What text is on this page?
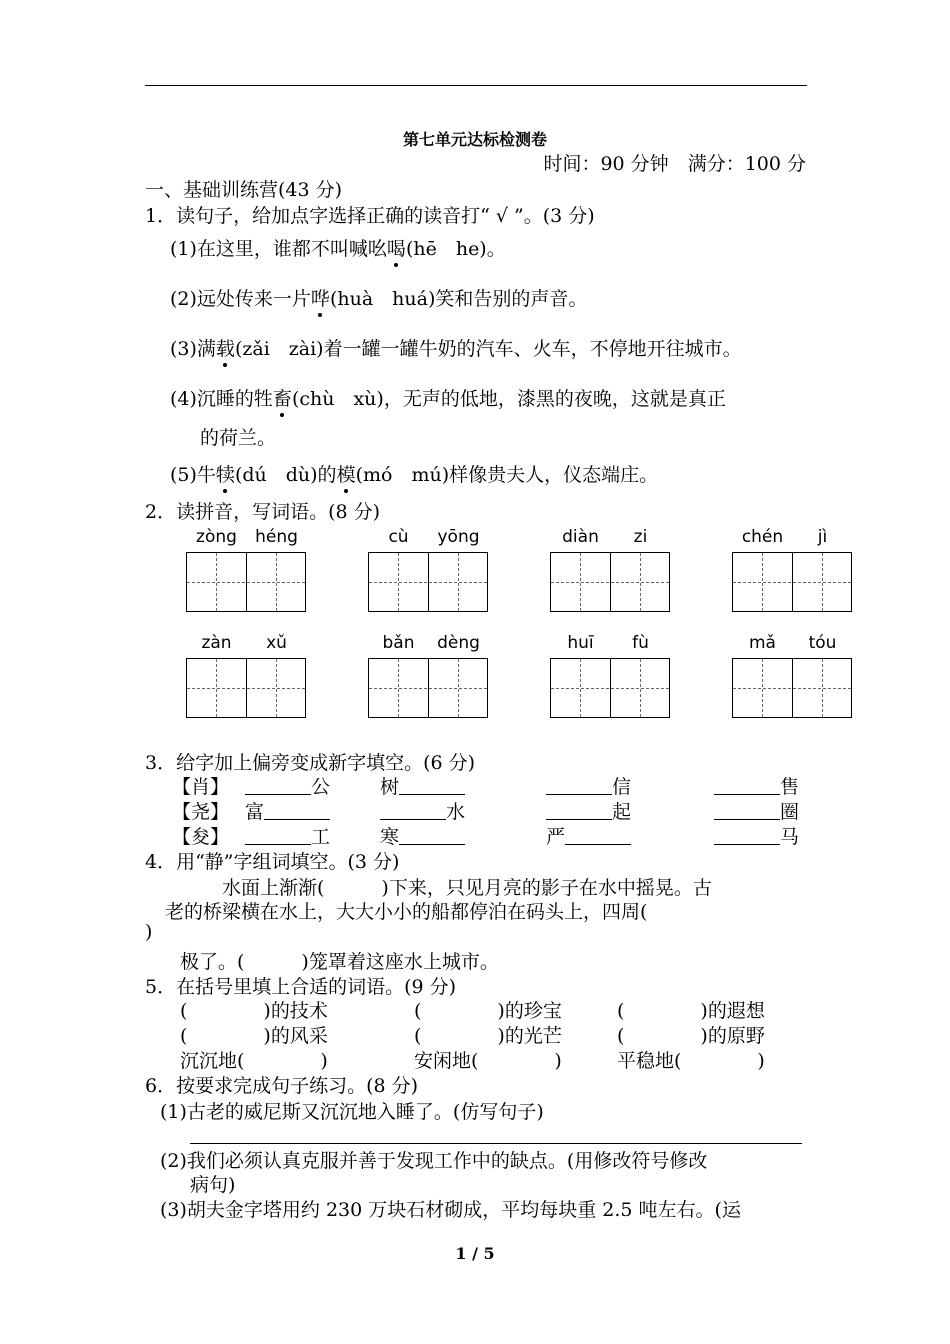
第七单元达标检测卷
时间：90 分钟　 满分：100 分
一、基础训练营(43 分)
1．读句子，给加点字选择正确的读音打“ √ ”。(3 分)
(1)在这里，谁都不叫喊吆喝(hē　he)。
(2)远处传来一片哗(huà　huá)笑和告别的声音。
(3)满载(zǎi　zài)着一罐一罐牛奶的汽车、火车，不停地开往城市。
(4)沉睡的牲畜(chù　xù)，无声的低地，漆黑的夜晚，这就是真正
的荷兰。
(5)牛犊(dú　dù)的模(mó　mú)样像贵夫人，仪态端庄。
2．读拼音，写词语。(8 分)
zòng	héng	cù	yōng	diàn	zi	chén	jì
zàn	xǔ	bǎn	dèng	huī	fù	mǎ	tóu
3．给字加上偏旁变成新字填空。(6 分)
【肖】	公	树	信	售
【尧】 富	水	起	圈
【夋】	工	寒	严	马
4．用“静”字组词填空。(3 分)
水面上渐渐(　　　)下来，只见月亮的影子在水中摇晃。古
老的桥梁横在水上，大大小小的船都停泊在码头上，四周(
)
极了。(　　　)笼罩着这座水上城市。
5．在括号里填上合适的词语。(9 分)
(　　　　)的技术	(　　　　)的珍宝	(　　　　)的遐想
(　　　　)的风采	(　　　　)的光芒	(　　　　)的原野
沉沉地(　　　　)	安闲地(　　　　)	平稳地(　　　　)
6．按要求完成句子练习。(8 分)
(1)古老的威尼斯又沉沉地入睡了。(仿写句子)
(2)我们必须认真克服并善于发现工作中的缺点。(用修改符号修改
病句)
(3)胡夫金字塔用约 230 万块石材砌成，平均每块重 2.5 吨左右。(运
1 / 5
